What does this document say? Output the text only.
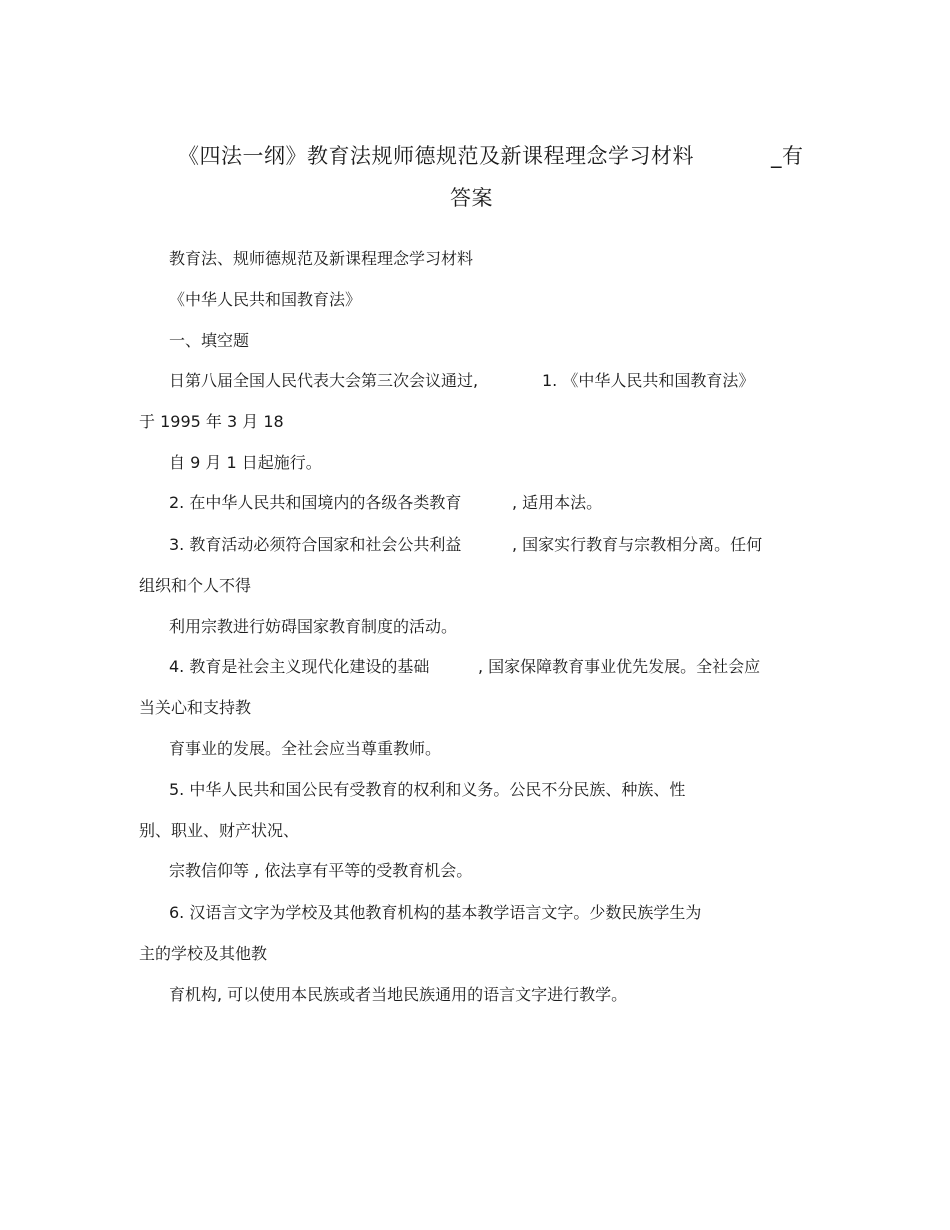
《四法一纲》教育法规师德规范及新课程理念学习材料	_有
答案
教育法、规师德规范及新课程理念学习材料
《中华人民共和国教育法》
一、填空题
日第八届全国人民代表大会第三次会议通过,	1. 《中华人民共和国教育法》
于 1995 年 3 月 18
自 9 月 1 日起施行。
2. 在中华人民共和国境内的各级各类教育	, 适用本法。
3. 教育活动必须符合国家和社会公共利益	, 国家实行教育与宗教相分离。任何
组织和个人不得
利用宗教进行妨碍国家教育制度的活动。
4. 教育是社会主义现代化建设的基础	, 国家保障教育事业优先发展。全社会应
当关心和支持教
育事业的发展。全社会应当尊重教师。
5. 中华人民共和国公民有受教育的权利和义务。公民不分民族、种族、性
别、职业、财产状况、
宗教信仰等 , 依法享有平等的受教育机会。
6. 汉语言文字为学校及其他教育机构的基本教学语言文字。少数民族学生为
主的学校及其他教
育机构, 可以使用本民族或者当地民族通用的语言文字进行教学。
